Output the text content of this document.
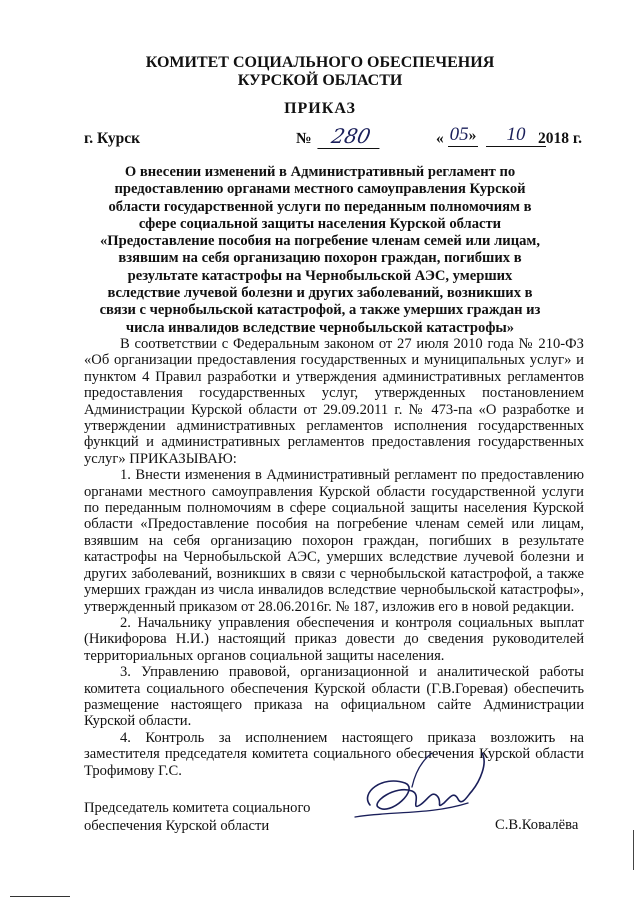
КОМИТЕТ СОЦИАЛЬНОГО ОБЕСПЕЧЕНИЯ
КУРСКОЙ ОБЛАСТИ
ПРИКАЗ
г. Курск	№ 280	« 05»	10 2018 г.
О внесении изменений в Административный регламент по
предоставлению органами местного самоуправления Курской
области государственной услуги по переданным полномочиям в
сфере социальной защиты населения Курской области
«Предоставление пособия на погребение членам семей или лицам,
взявшим на себя организацию похорон граждан, погибших в
результате катастрофы на Чернобыльской АЭС, умерших
вследствие лучевой болезни и других заболеваний, возникших в
связи с чернобыльской катастрофой, а также умерших граждан из
числа инвалидов вследствие чернобыльской катастрофы»

В соответствии с Федеральным законом от 27 июля 2010 года № 210-ФЗ «Об организации предоставления государственных и муниципальных услуг» и пунктом 4 Правил разработки и утверждения административных регламентов предоставления государственных услуг, утвержденных постановлением Администрации Курской области от 29.09.2011 г. № 473-па «О разработке и утверждении административных регламентов исполнения государственных функций и административных регламентов предоставления государственных услуг» ПРИКАЗЫВАЮ:

1. Внести изменения в Административный регламент по предоставлению органами местного самоуправления Курской области государственной услуги по переданным полномочиям в сфере социальной защиты населения Курской области «Предоставление пособия на погребение членам семей или лицам, взявшим на себя организацию похорон граждан, погибших в результате катастрофы на Чернобыльской АЭС, умерших вследствие лучевой болезни и других заболеваний, возникших в связи с чернобыльской катастрофой, а также умерших граждан из числа инвалидов вследствие чернобыльской катастрофы», утвержденный приказом от 28.06.2016г. № 187, изложив его в новой редакции.

2. Начальнику управления обеспечения и контроля социальных выплат (Никифорова Н.И.) настоящий приказ довести до сведения руководителей территориальных органов социальной защиты населения.

3. Управлению правовой, организационной и аналитической работы комитета социального обеспечения Курской области (Г.В.Горевая) обеспечить размещение настоящего приказа на официальном сайте Администрации Курской области.

4. Контроль за исполнением настоящего приказа возложить на заместителя председателя комитета социального обеспечения Курской области Трофимову Г.С.

Председатель комитета социального
обеспечения Курской области	С.В.Ковалёва
